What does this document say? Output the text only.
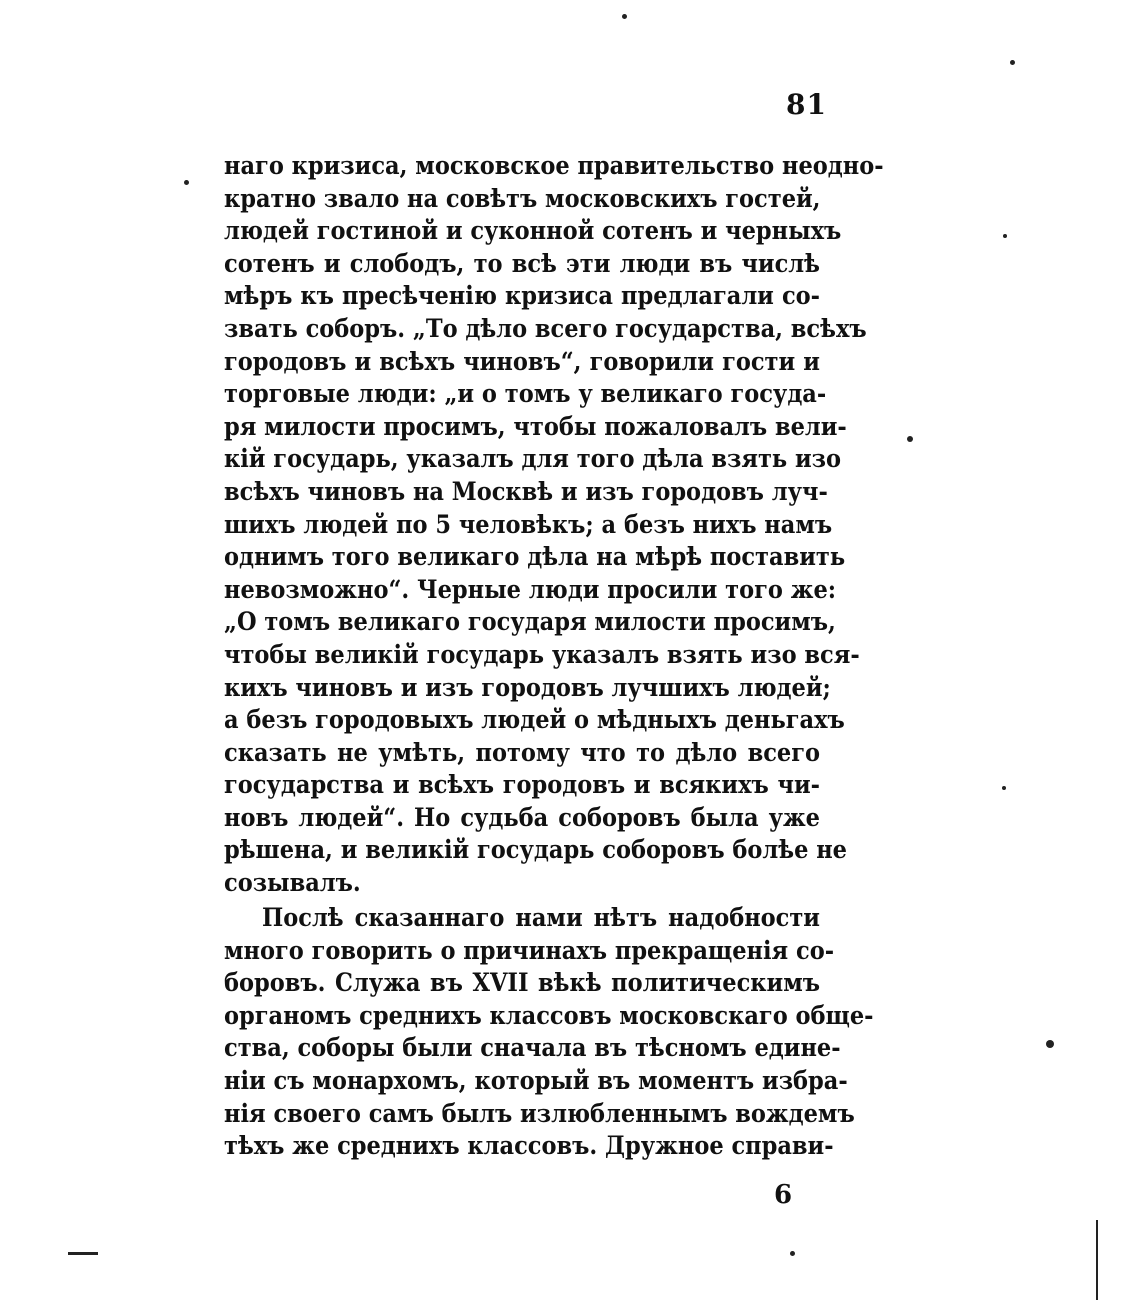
81
наго кризиса, московское правительство неодно-
кратно звало на совѣтъ московскихъ гостей,
людей гостиной и суконной сотенъ и черныхъ
сотенъ и слободъ, то всѣ эти люди въ числѣ
мѣръ къ пресѣченію кризиса предлагали со-
звать соборъ. „То дѣло всего государства, всѣхъ
городовъ и всѣхъ чиновъ“, говорили гости и
торговые люди: „и о томъ у великаго госуда-
ря милости просимъ, чтобы пожаловалъ вели-
кій государь, указалъ для того дѣла взять изо
всѣхъ чиновъ на Москвѣ и изъ городовъ луч-
шихъ людей по 5 человѣкъ; а безъ нихъ намъ
однимъ того великаго дѣла на мѣрѣ поставить
невозможно“. Черные люди просили того же:
„О томъ великаго государя милости просимъ,
чтобы великій государь указалъ взять изо вся-
кихъ чиновъ и изъ городовъ лучшихъ людей;
а безъ городовыхъ людей о мѣдныхъ деньгахъ
сказать не умѣть, потому что то дѣло всего
государства и всѣхъ городовъ и всякихъ чи-
новъ людей“. Но судьба соборовъ была уже
рѣшена, и великій государь соборовъ болѣе не
созывалъ.
Послѣ сказаннаго нами нѣтъ надобности
много говорить о причинахъ прекращенія со-
боровъ. Служа въ XVII вѣкѣ политическимъ
органомъ среднихъ классовъ московскаго обще-
ства, соборы были сначала въ тѣсномъ едине-
ніи съ монархомъ, который въ моментъ избра-
нія своего самъ былъ излюбленнымъ вождемъ
тѣхъ же среднихъ классовъ. Дружное справи-
6
